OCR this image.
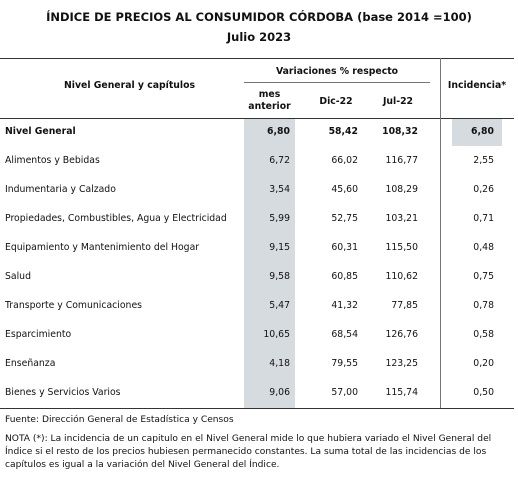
ÍNDICE DE PRECIOS AL CONSUMIDOR CÓRDOBA (base 2014 =100)
Julio 2023
Nivel General y capítulos
Variaciones % respecto
mes
anterior	Dic-22	Jul-22
Incidencia*
Nivel General	6,80	58,42	108,32	6,80
Alimentos y Bebidas	6,72	66,02	116,77	2,55
Indumentaria y Calzado	3,54	45,60	108,29	0,26
Propiedades, Combustibles, Agua y Electricidad	5,99	52,75	103,21	0,71
Equipamiento y Mantenimiento del Hogar	9,15	60,31	115,50	0,48
Salud	9,58	60,85	110,62	0,75
Transporte y Comunicaciones	5,47	41,32	77,85	0,78
Esparcimiento	10,65	68,54	126,76	0,58
Enseñanza	4,18	79,55	123,25	0,20
Bienes y Servicios Varios	9,06	57,00	115,74	0,50
Fuente: Dirección General de Estadística y Censos
NOTA (*): La incidencia de un capitulo en el Nivel General mide lo que hubiera variado el Nivel General del Índice si el resto de los precios hubiesen permanecido constantes. La suma total de las incidencias de los capítulos es igual a la variación del Nivel General del Índice.
